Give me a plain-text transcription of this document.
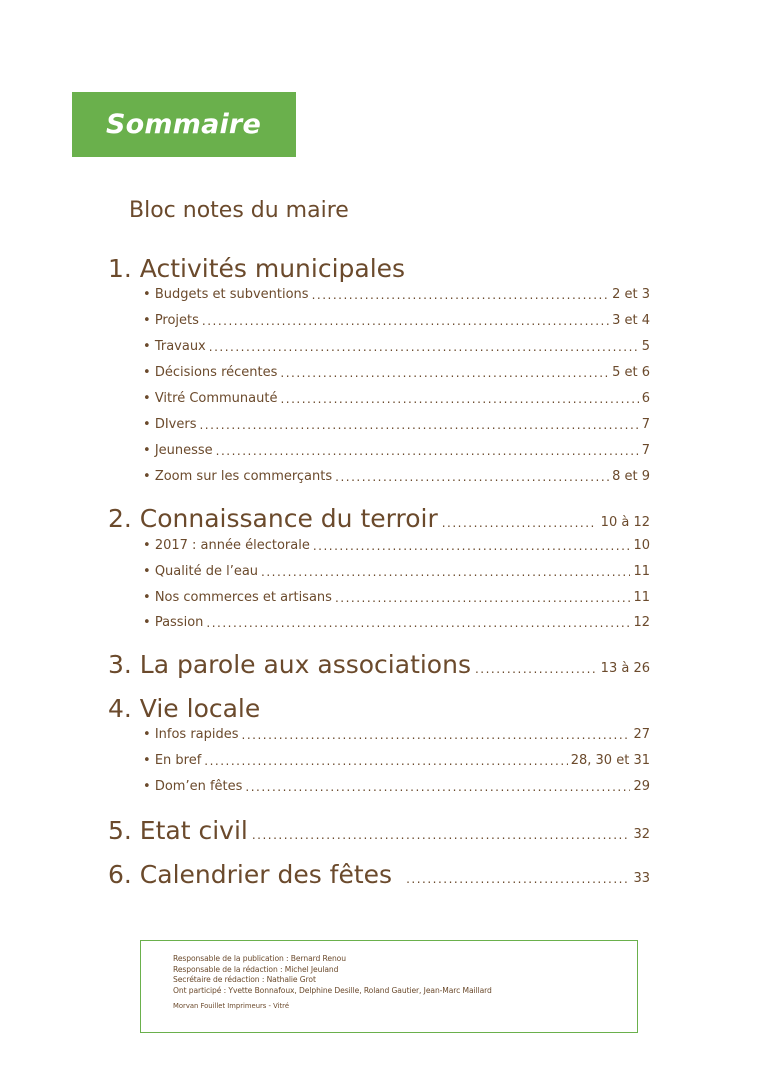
Sommaire
Bloc notes du maire
1. Activités municipales
• Budgets et subventions .....	2 et 3
• Projets .....	3 et 4
• Travaux .....	5
• Décisions récentes .....	5 et 6
• Vitré Communauté .....	6
• DIvers .....	7
• Jeunesse .....	7
• Zoom sur les commerçants .....	8 et 9
2. Connaissance du terroir .....	10 à 12
• 2017 : année électorale .....	10
• Qualité de l’eau .....	11
• Nos commerces et artisans .....	11
• Passion .....	12
3. La parole aux associations .....	13 à 26
4. Vie locale
• Infos rapides .....	27
• En bref .....	28, 30 et 31
• Dom’en fêtes .....	29
5. Etat civil .....	32
6. Calendrier des fêtes .....	33
Responsable de la publication : Bernard Renou
Responsable de la rédaction : Michel Jeuland
Secrétaire de rédaction : Nathalie Grot
Ont participé : Yvette Bonnafoux, Delphine Desille, Roland Gautier, Jean-Marc Maillard
Morvan Fouillet Imprimeurs - Vitré
